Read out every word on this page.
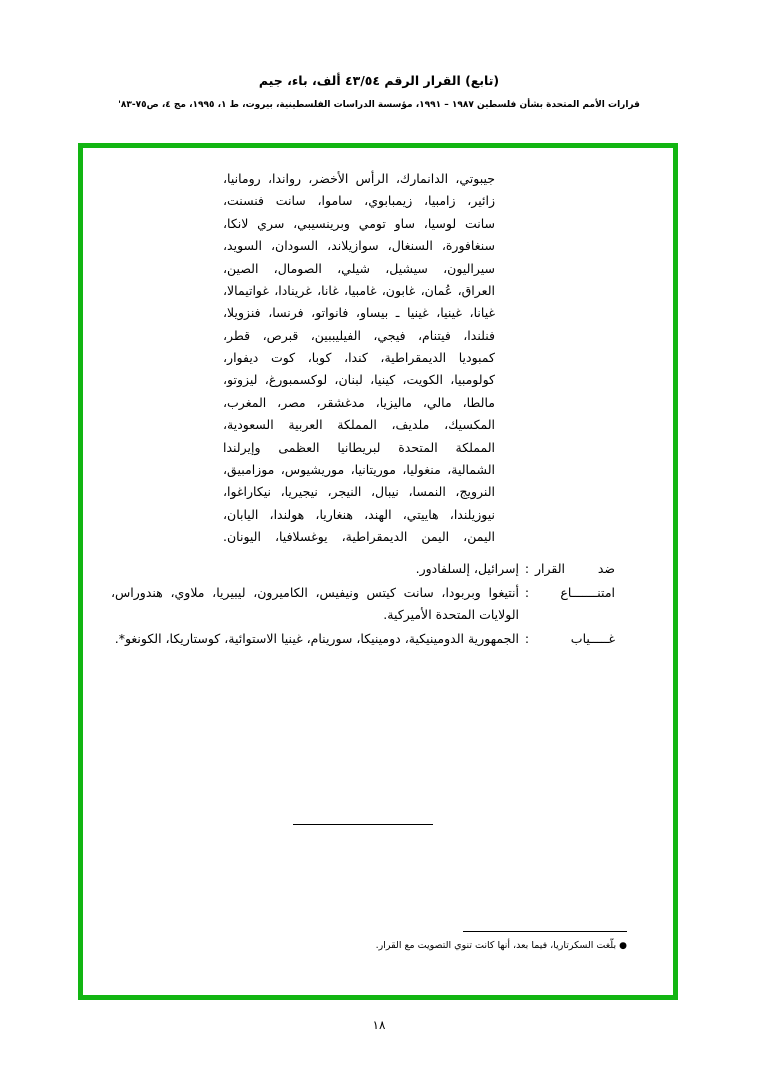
(تابع) القرار الرقم ٤٣/٥٤ ألف، باء، جيم
قرارات الأمم المتحدة بشأن فلسطين ١٩٨٧ – ١٩٩١، مؤسسة الدراسات الفلسطينية، بيروت، ط ١، ١٩٩٥، مج ٤، ص٧٥-٨٣'
جيبوتي، الدانمارك، الرأس الأخضر، رواندا، رومانيا، زائير، زامبيا، زيمبابوي، ساموا، سانت فنسنت، سانت لوسيا، ساو تومي وبرينسيبي، سري لانكا، سنغافورة، السنغال، سوازيلاند، السودان، السويد، سيراليون، سيشيل، شيلي، الصومال، الصين، العراق، عُمان، غابون، غامبيا، غانا، غرينادا، غواتيمالا، غيانا، غينيا، غينيا ـ بيساو، فانواتو، فرنسا، فنزويلا، فنلندا، فيتنام، فيجي، الفيليببين، قبرص، قطر، كمبوديا الديمقراطية، كندا، كوبا، كوت ديفوار، كولومبيا، الكويت، كينيا، لبنان، لوكسمبورغ، ليزوتو، مالطا، مالي، ماليزيا، مدغشقر، مصر، المغرب، المكسيك، ملديف، المملكة العربية السعودية، المملكة المتحدة لبريطانيا العظمى وإيرلندا الشمالية، منغوليا، موريتانيا، موريشيوس، موزامبيق، النرويج، النمسا، نيبال، النيجر، نيجيريا، نيكاراغوا، نيوزيلندا، هاييتي، الهند، هنغاريا، هولندا، اليابان، اليمن، اليمن الديمقراطية، يوغسلافيا، اليونان.
ضد القرار
:
إسرائيل، إلسلفادور.
امتنـــــــاع
:
أنتيغوا وبربودا، سانت كيتس ونيفيس، الكاميرون، ليبيريا، ملاوي، هندوراس، الولايات المتحدة الأميركية.
غـــــياب
:
الجمهورية الدومينيكية، دومينيكا، سورينام، غينيا الاستوائية، كوستاريكا، الكونغو*.
● بلّغت السكرتاريا، فيما بعد، أنها كانت تنوي التصويت مع القرار.
١٨
